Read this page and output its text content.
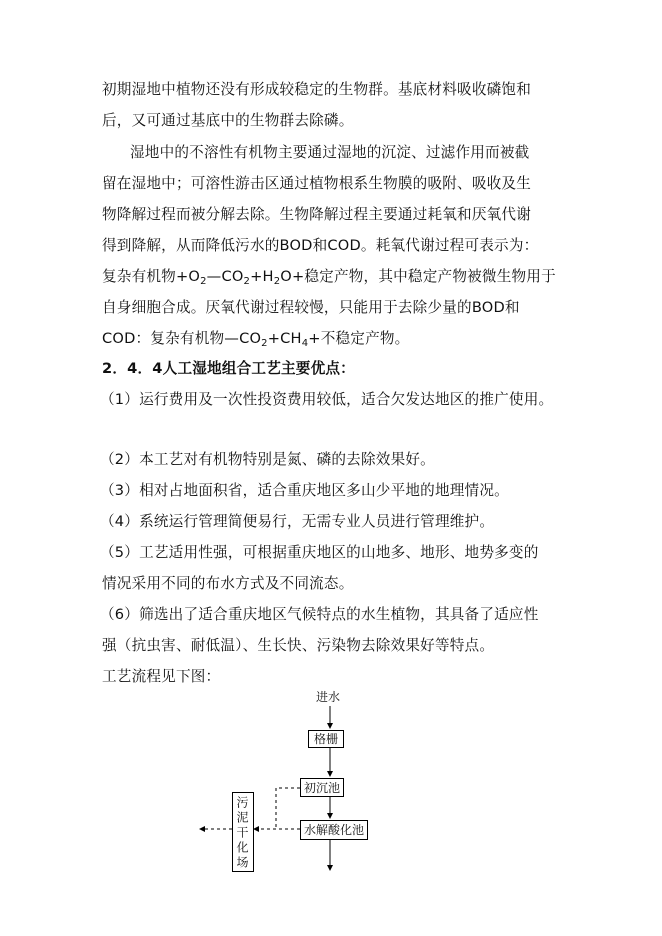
初期湿地中植物还没有形成较稳定的生物群。基底材料吸收磷饱和
后，又可通过基底中的生物群去除磷。
湿地中的不溶性有机物主要通过湿地的沉淀、过滤作用而被截
留在湿地中；可溶性游击区通过植物根系生物膜的吸附、吸收及生
物降解过程而被分解去除。生物降解过程主要通过耗氧和厌氧代谢
得到降解，从而降低污水的BOD和COD。耗氧代谢过程可表示为：
复杂有机物$+O_2—CO_2+H_2O+$稳定产物，其中稳定产物被微生物用于
自身细胞合成。厌氧代谢过程较慢，只能用于去除少量的BOD和
COD：复杂有机物$—CO_2+CH_4+$不稳定产物。
2．4．4人工湿地组合工艺主要优点：
（1）运行费用及一次性投资费用较低，适合欠发达地区的推广使用。
（2）本工艺对有机物特别是氮、磷的去除效果好。
（3）相对占地面积省，适合重庆地区多山少平地的地理情况。
（4）系统运行管理简便易行，无需专业人员进行管理维护。
（5）工艺适用性强，可根据重庆地区的山地多、地形、地势多变的
情况采用不同的布水方式及不同流态。
（6）筛选出了适合重庆地区气候特点的水生植物，其具备了适应性
强（抗虫害、耐低温）、生长快、污染物去除效果好等特点。
工艺流程见下图：
进水
格栅
初沉池
水解酸化池
污泥干化场
